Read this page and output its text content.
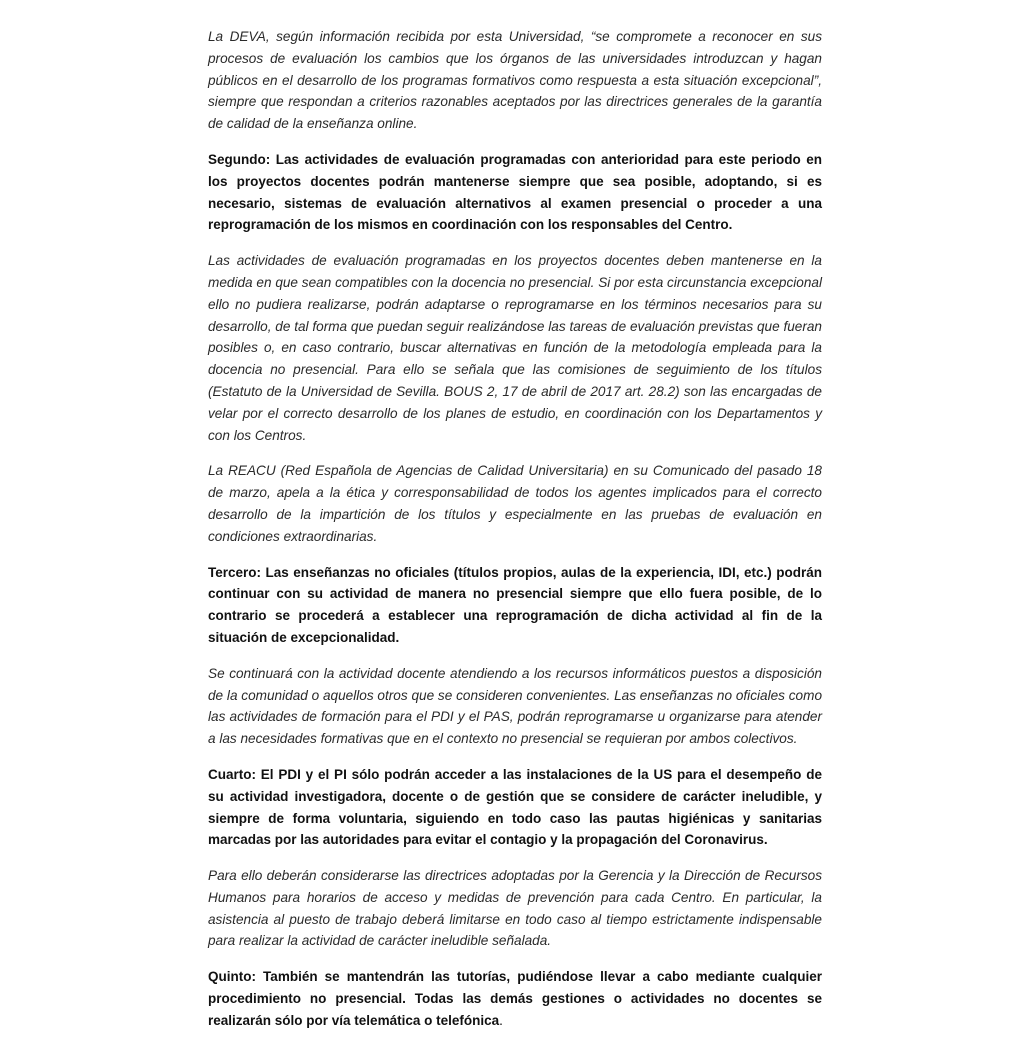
La DEVA, según información recibida por esta Universidad, “se compromete a reconocer en sus procesos de evaluación los cambios que los órganos de las universidades introduzcan y hagan públicos en el desarrollo de los programas formativos como respuesta a esta situación excepcional”, siempre que respondan a criterios razonables aceptados por las directrices generales de la garantía de calidad de la enseñanza online.

Segundo: Las actividades de evaluación programadas con anterioridad para este periodo en los proyectos docentes podrán mantenerse siempre que sea posible, adoptando, si es necesario, sistemas de evaluación alternativos al examen presencial o proceder a una reprogramación de los mismos en coordinación con los responsables del Centro.

Las actividades de evaluación programadas en los proyectos docentes deben mantenerse en la medida en que sean compatibles con la docencia no presencial. Si por esta circunstancia excepcional ello no pudiera realizarse, podrán adaptarse o reprogramarse en los términos necesarios para su desarrollo, de tal forma que puedan seguir realizándose las tareas de evaluación previstas que fueran posibles o, en caso contrario, buscar alternativas en función de la metodología empleada para la docencia no presencial. Para ello se señala que las comisiones de seguimiento de los títulos (Estatuto de la Universidad de Sevilla. BOUS 2, 17 de abril de 2017 art. 28.2) son las encargadas de velar por el correcto desarrollo de los planes de estudio, en coordinación con los Departamentos y con los Centros.

La REACU (Red Española de Agencias de Calidad Universitaria) en su Comunicado del pasado 18 de marzo, apela a la ética y corresponsabilidad de todos los agentes implicados para el correcto desarrollo de la impartición de los títulos y especialmente en las pruebas de evaluación en condiciones extraordinarias.

Tercero: Las enseñanzas no oficiales (títulos propios, aulas de la experiencia, IDI, etc.) podrán continuar con su actividad de manera no presencial siempre que ello fuera posible, de lo contrario se procederá a establecer una reprogramación de dicha actividad al fin de la situación de excepcionalidad.

Se continuará con la actividad docente atendiendo a los recursos informáticos puestos a disposición de la comunidad o aquellos otros que se consideren convenientes. Las enseñanzas no oficiales como las actividades de formación para el PDI y el PAS, podrán reprogramarse u organizarse para atender a las necesidades formativas que en el contexto no presencial se requieran por ambos colectivos.

Cuarto: El PDI y el PI sólo podrán acceder a las instalaciones de la US para el desempeño de su actividad investigadora, docente o de gestión que se considere de carácter ineludible, y siempre de forma voluntaria, siguiendo en todo caso las pautas higiénicas y sanitarias marcadas por las autoridades para evitar el contagio y la propagación del Coronavirus.

Para ello deberán considerarse las directrices adoptadas por la Gerencia y la Dirección de Recursos Humanos para horarios de acceso y medidas de prevención para cada Centro. En particular, la asistencia al puesto de trabajo deberá limitarse en todo caso al tiempo estrictamente indispensable para realizar la actividad de carácter ineludible señalada.

Quinto: También se mantendrán las tutorías, pudiéndose llevar a cabo mediante cualquier procedimiento no presencial. Todas las demás gestiones o actividades no docentes se realizarán sólo por vía telemática o telefónica.
